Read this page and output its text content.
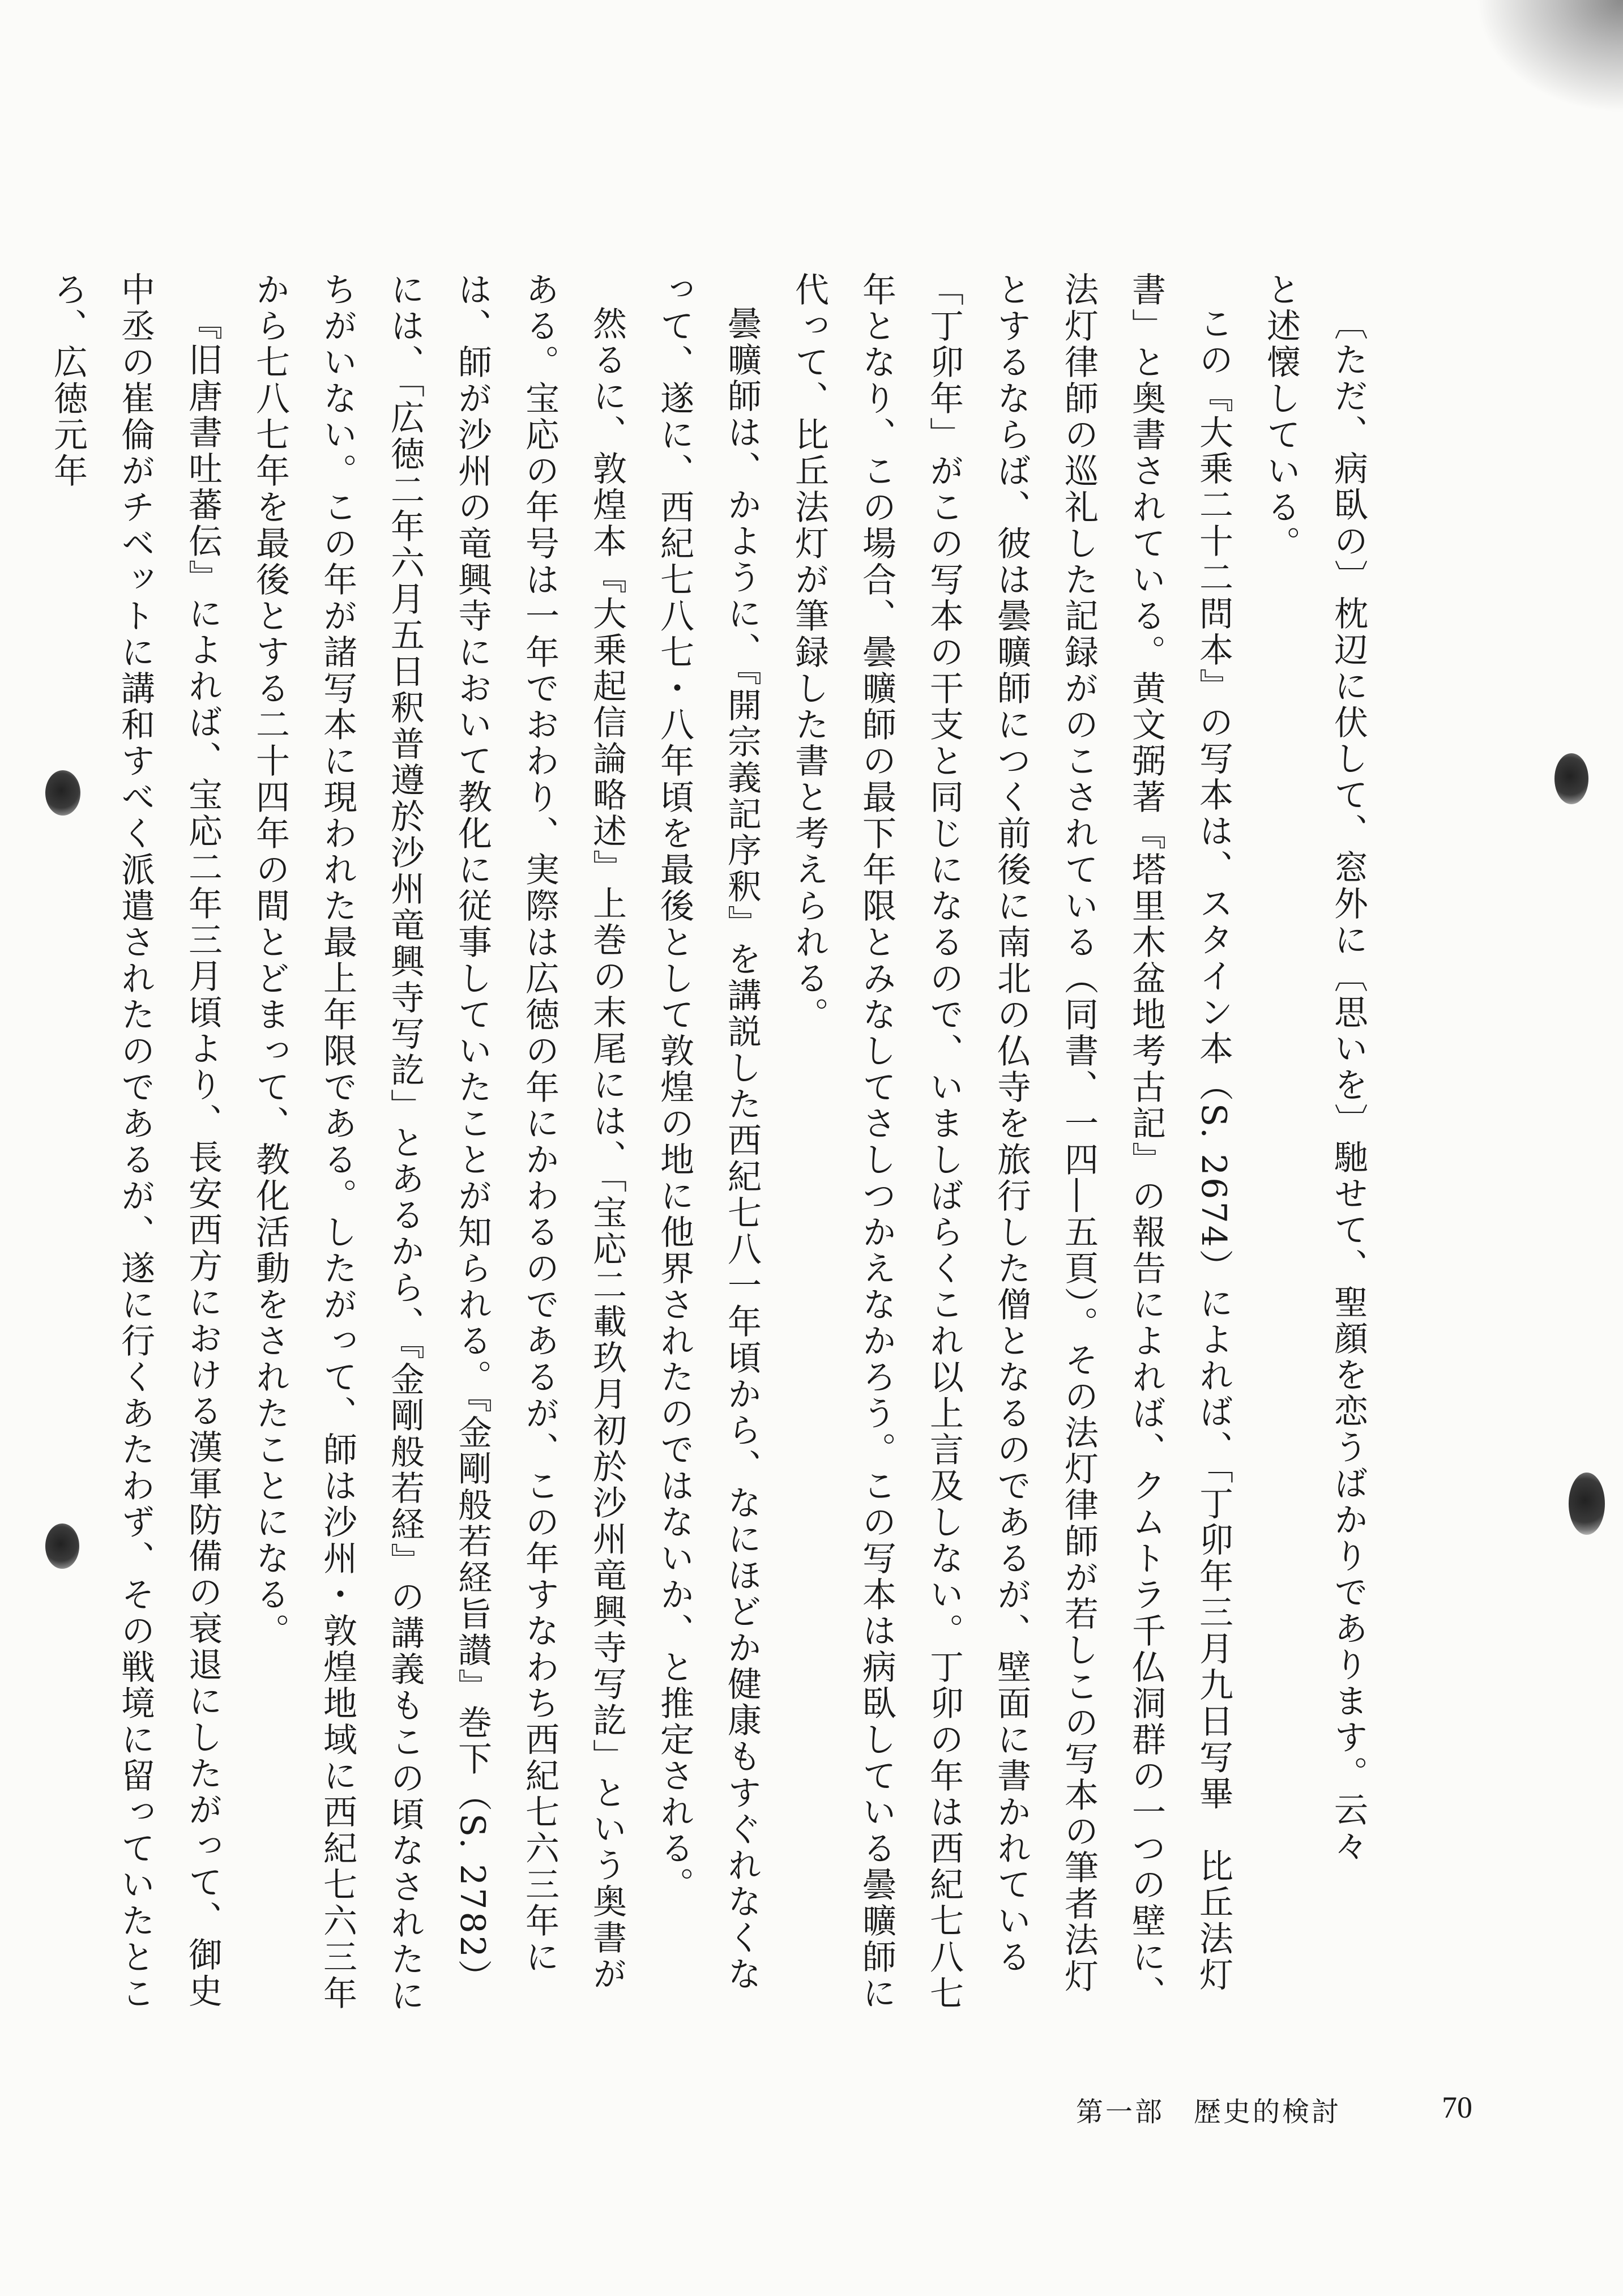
〔ただ、病臥の〕枕辺に伏して、窓外に〔思いを〕馳せて、聖顔を恋うばかりであります。云々

と述懐している。

この『大乗二十二問本』の写本は、スタイン本（S. 2674）によれば、「丁卯年三月九日写畢　比丘法灯書」と奥書されている。黄文弼著『塔里木盆地考古記』の報告によれば、クムトラ千仏洞群の一つの壁に、法灯律師の巡礼した記録がのこされている（同書、一四―五頁）。その法灯律師が若しこの写本の筆者法灯とするならば、彼は曇曠師につく前後に南北の仏寺を旅行した僧となるのであるが、壁面に書かれている「丁卯年」がこの写本の干支と同じになるので、いましばらくこれ以上言及しない。丁卯の年は西紀七八七年となり、この場合、曇曠師の最下年限とみなしてさしつかえなかろう。この写本は病臥している曇曠師に代って、比丘法灯が筆録した書と考えられる。

曇曠師は、かように、『開宗義記序釈』を講説した西紀七八一年頃から、なにほどか健康もすぐれなくなって、遂に、西紀七八七・八年頃を最後として敦煌の地に他界されたのではないか、と推定される。

然るに、敦煌本『大乗起信論略述』上巻の末尾には、「宝応二載玖月初於沙州竜興寺写訖」という奥書がある。宝応の年号は一年でおわり、実際は広徳の年にかわるのであるが、この年すなわち西紀七六三年には、師が沙州の竜興寺において教化に従事していたことが知られる。『金剛般若経旨讃』巻下（S. 2782）には、「広徳二年六月五日釈普遵於沙州竜興寺写訖」とあるから、『金剛般若経』の講義もこの頃なされたにちがいない。この年が諸写本に現われた最上年限である。したがって、師は沙州・敦煌地域に西紀七六三年から七八七年を最後とする二十四年の間とどまって、教化活動をされたことになる。

『旧唐書吐蕃伝』によれば、宝応二年三月頃より、長安西方における漢軍防備の衰退にしたがって、御史中丞の崔倫がチベットに講和すべく派遣されたのであるが、遂に行くあたわず、その戦境に留っていたところ、広徳元年

第一部　歴史的検討	70
